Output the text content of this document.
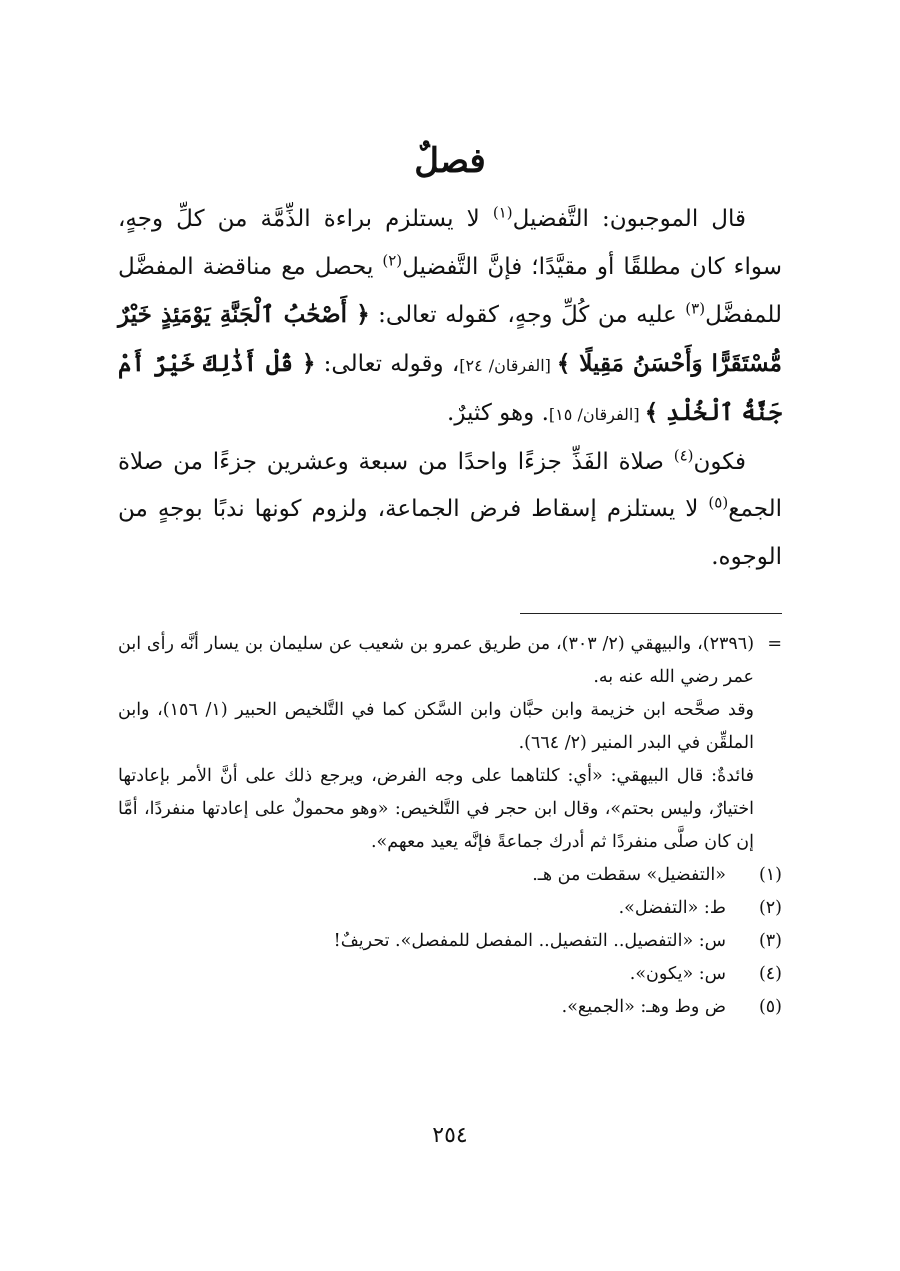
فصلٌ

قال الموجبون: التَّفضيل$^{(١)}$ لا يستلزم براءة الذِّمَّة من كلِّ وجهٍ، سواء كان مطلقًا أو مقيَّدًا؛ فإنَّ التَّفضيل$^{(٢)}$ يحصل مع مناقضة المفضَّل للمفضَّل$^{(٣)}$ عليه من كُلِّ وجهٍ، كقوله تعالى: ﴿ أَصْحَٰبُ ٱلْجَنَّةِ يَوْمَئِذٍ خَيْرٌ مُّسْتَقَرًّا وَأَحْسَنُ مَقِيلًا ﴾ [الفرقان/ ٢٤]، وقوله تعالى: ﴿ قُلْ أَذَٰلِكَ خَيْرٌ أَمْ جَنَّةُ ٱلْخُلْدِ ﴾ [الفرقان/ ١٥]. وهو كثيرٌ.

فكون$^{(٤)}$ صلاة الفَذِّ جزءًا واحدًا من سبعة وعشرين جزءًا من صلاة الجمع$^{(٥)}$ لا يستلزم إسقاط فرض الجماعة، ولزوم كونها ندبًا بوجهٍ من الوجوه.

=

(٢٣٩٦)، والبيهقي (٢/ ٣٠٣)، من طريق عمرو بن شعيب عن سليمان بن يسار أنَّه رأى ابن عمر رضي الله عنه به.

وقد صحَّحه ابن خزيمة وابن حبَّان وابن السَّكن كما في التَّلخيص الحبير (١/ ١٥٦)، وابن الملقِّن في البدر المنير (٢/ ٦٦٤).

فائدةٌ: قال البيهقي: «أي: كلتاهما على وجه الفرض، ويرجع ذلك على أنَّ الأمر بإعادتها اختيارٌ، وليس بحتم»، وقال ابن حجر في التَّلخيص: «وهو محمولٌ على إعادتها منفردًا، أمَّا إن كان صلَّى منفردًا ثم أدرك جماعةً فإنَّه يعيد معهم».

(١)
«التفضيل» سقطت من هـ.
(٢)
ط: «التفضل».
(٣)
س: «التفصيل.. التفصيل.. المفصل للمفصل». تحريفٌ!
(٤)
س: «يكون».
(٥)
ض وط وهـ: «الجميع».
٢٥٤
